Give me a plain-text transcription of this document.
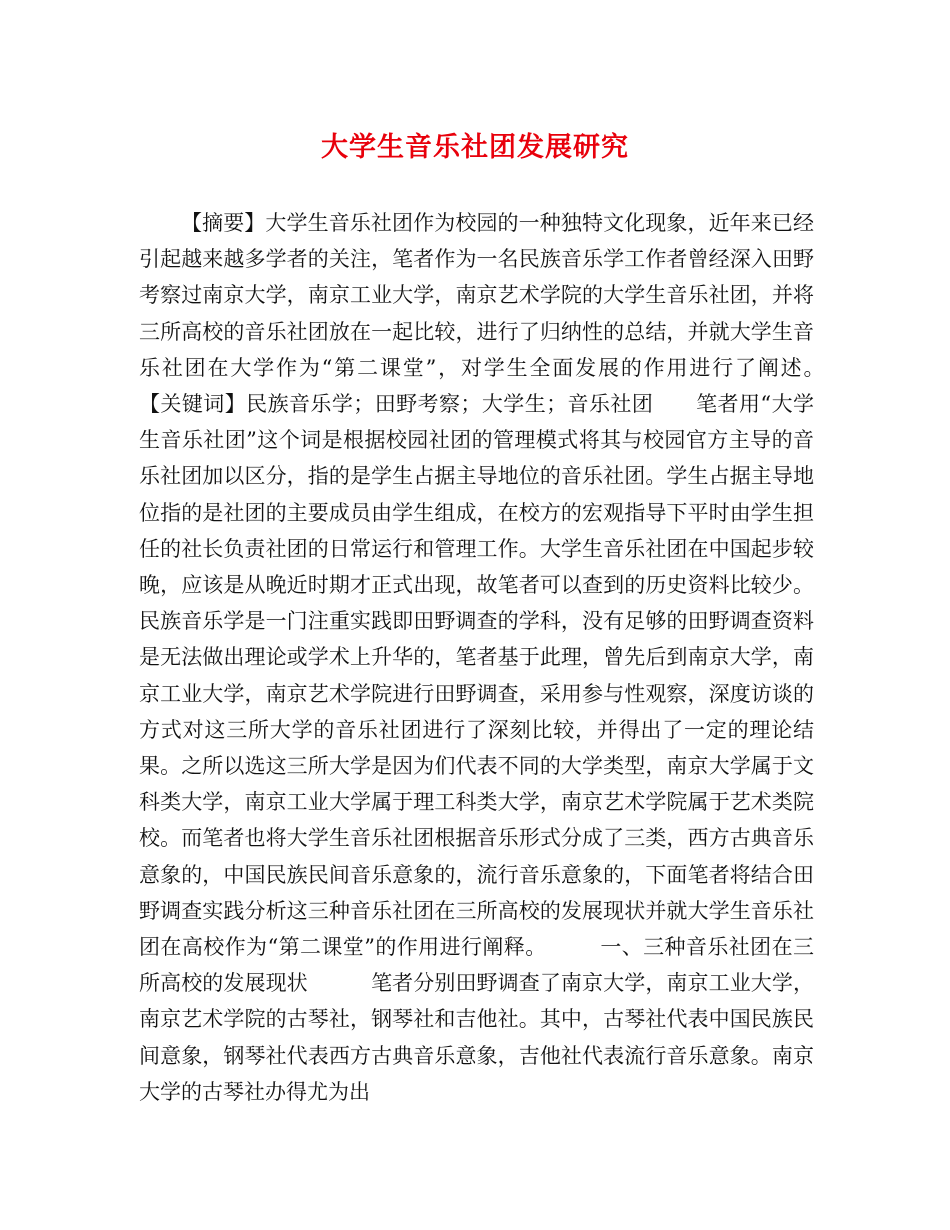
大学生音乐社团发展研究

【摘要】大学生音乐社团作为校园的一种独特文化现象，近年来已经引起越来越多学者的关注，笔者作为一名民族音乐学工作者曾经深入田野考察过南京大学，南京工业大学，南京艺术学院的大学生音乐社团，并将三所高校的音乐社团放在一起比较，进行了归纳性的总结，并就大学生音乐社团在大学作为“第二课堂”，对学生全面发展的作用进行了阐述。　　　【关键词】民族音乐学；田野考察；大学生；音乐社团　　笔者用“大学生音乐社团”这个词是根据校园社团的管理模式将其与校园官方主导的音乐社团加以区分，指的是学生占据主导地位的音乐社团。学生占据主导地位指的是社团的主要成员由学生组成，在校方的宏观指导下平时由学生担任的社长负责社团的日常运行和管理工作。大学生音乐社团在中国起步较晚，应该是从晚近时期才正式出现，故笔者可以查到的历史资料比较少。民族音乐学是一门注重实践即田野调查的学科，没有足够的田野调查资料是无法做出理论或学术上升华的，笔者基于此理，曾先后到南京大学，南京工业大学，南京艺术学院进行田野调查，采用参与性观察，深度访谈的方式对这三所大学的音乐社团进行了深刻比较，并得出了一定的理论结果。之所以选这三所大学是因为们代表不同的大学类型，南京大学属于文科类大学，南京工业大学属于理工科类大学，南京艺术学院属于艺术类院校。而笔者也将大学生音乐社团根据音乐形式分成了三类，西方古典音乐意象的，中国民族民间音乐意象的，流行音乐意象的，下面笔者将结合田野调查实践分析这三种音乐社团在三所高校的发展现状并就大学生音乐社团在高校作为“第二课堂”的作用进行阐释。　　　一、三种音乐社团在三所高校的发展现状　　　笔者分别田野调查了南京大学，南京工业大学，南京艺术学院的古琴社，钢琴社和吉他社。其中，古琴社代表中国民族民间意象，钢琴社代表西方古典音乐意象，吉他社代表流行音乐意象。南京大学的古琴社办得尤为出
